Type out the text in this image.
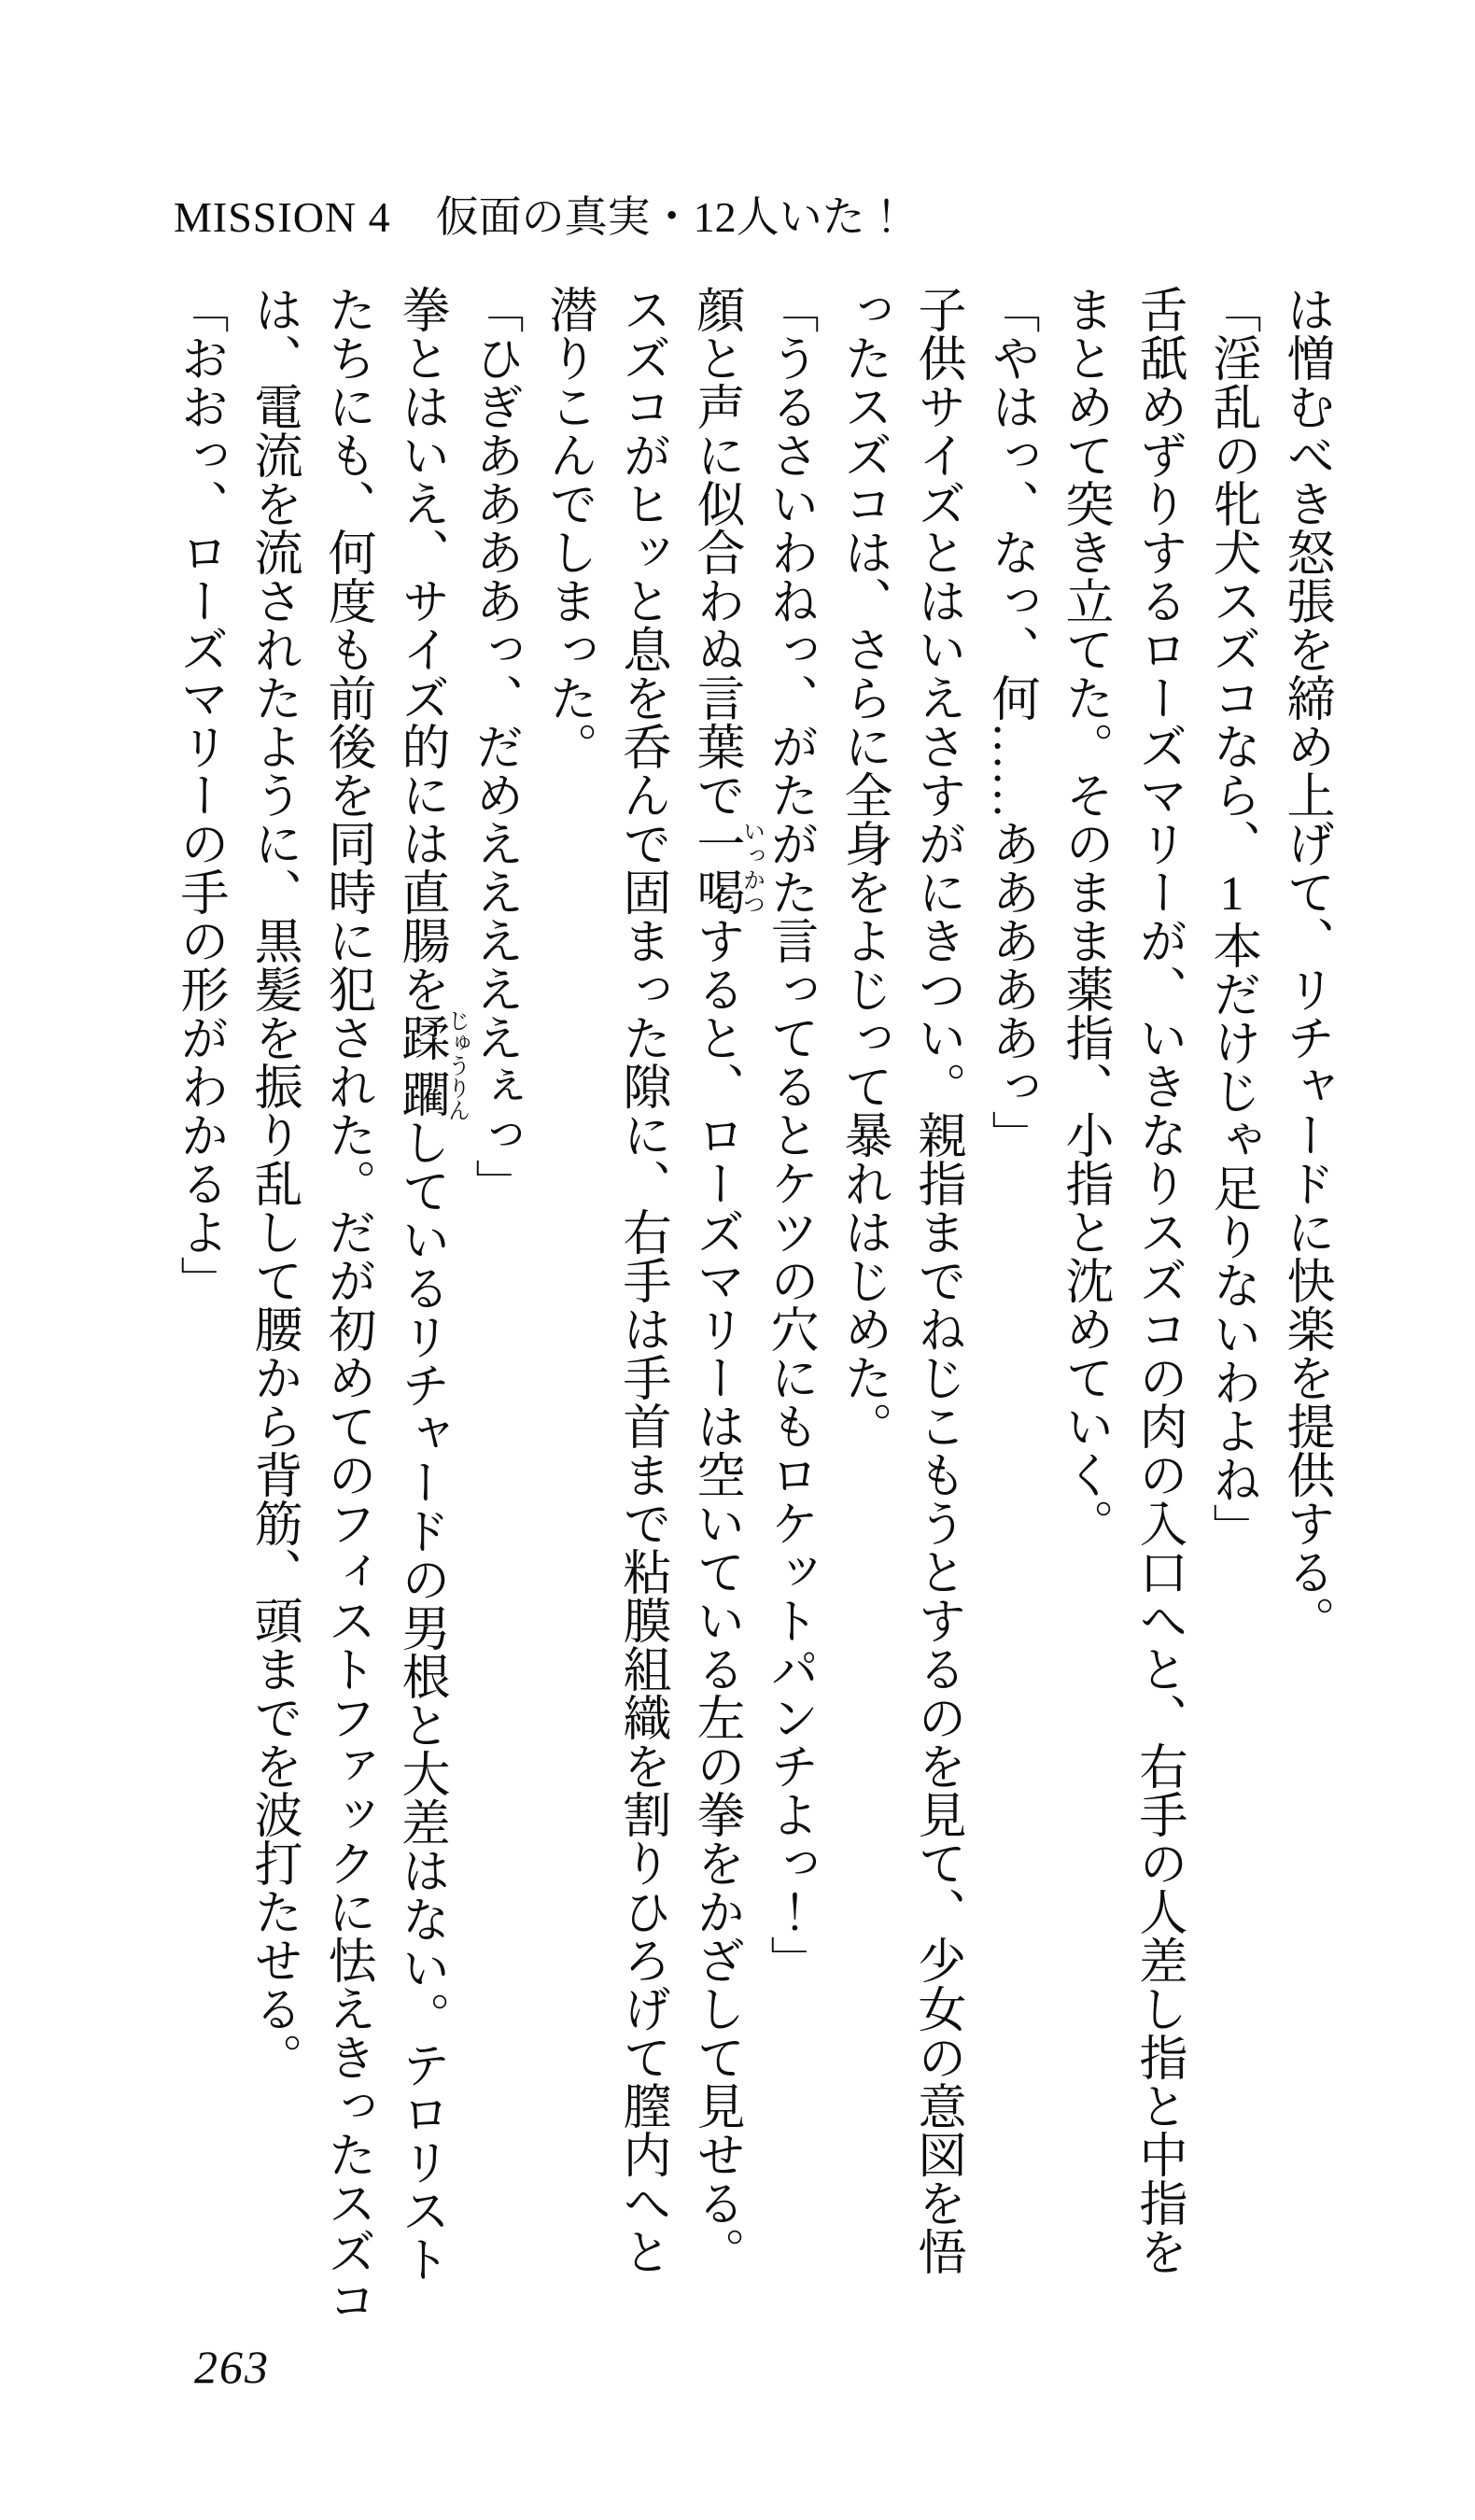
MISSION 4 仮面の真実・12人いた！
は憎むべき怒張を締め上げて、リチャードに快楽を提供する。
「淫乱の牝犬スズコなら、1本だけじゃ足りないわよね」
舌舐めずりするローズマリーが、いきなりスズコの肉の入口へと、右手の人差し指と中指を
まとめて突き立てた。そのまま薬指、小指と沈めていく。
「やはっ、なっ、何……あああああっ」
子供サイズとはいえさすがにきつい。親指までねじこもうとするのを見て、少女の意図を悟
ったスズコは、さらに全身をよじって暴れはじめた。
「うるさいわねっ、がたがた言ってるとケツの穴にもロケットパンチよっ！」
顔と声に似合わぬ言葉で一喝いっかつすると、ローズマリーは空いている左の拳をかざして見せる。
スズコがヒッと息を呑んで固まった隙に、右手は手首まで粘膜組織を割りひろげて膣内へと
潜りこんでしまった。
「ひぎああああっ、だめえええええぇっ」
拳とはいえ、サイズ的には直腸を蹂躙じゅうりんしているリチャードの男根と大差はない。テロリスト
たちにも、何度も前後を同時に犯された。だが初めてのフィストファックに怯えきったスズコ
は、電流を流されたように、黒髪を振り乱して腰から背筋、頭までを波打たせる。
「おおっ、ローズマリーの手の形がわかるよ」
263
